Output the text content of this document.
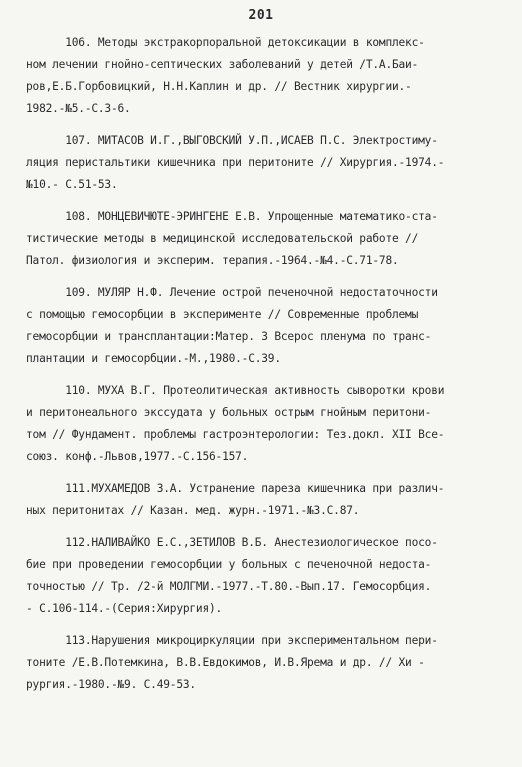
201
106. Методы экстракорпоральной детоксикации в комплекс-
ном лечении гнойно-септических заболеваний у детей /Т.А.Баи-
ров,Е.Б.Горбовицкий, Н.Н.Каплин и др. // Вестник хирургии.-
1982.-№5.-С.3-6.
107. МИТАСОВ И.Г.,ВЫГОВСКИЙ У.П.,ИСАЕВ П.С. Электростиму-
ляция перистальтики кишечника при перитоните // Хирургия.-1974.-
№10.- С.51-53.
108. МОНЦЕВИЧЮТЕ-ЭРИНГЕНЕ Е.В. Упрощенные математико-ста-
тистические методы в медицинской исследовательской работе //
Патол. физиология и эксперим. терапия.-1964.-№4.-С.71-78.
109. МУЛЯР Н.Ф. Лечение острой печеночной недостаточности
с помощью гемосорбции в эксперименте // Современные проблемы
гемосорбции и трансплантации:Матер. 3 Всерос пленума по транс-
плантации и гемосорбции.-М.,1980.-С.39.
110. МУХА В.Г. Протеолитическая активность сыворотки крови
и перитонеального экссудата у больных острым гнойным перитони-
том // Фундамент. проблемы гастроэнтерологии: Тез.докл. XII Все-
союз. конф.-Львов,1977.-С.156-157.
111.МУХАМЕДОВ З.А. Устранение пареза кишечника при различ-
ных перитонитах // Казан. мед. журн.-1971.-№3.С.87.
112.НАЛИВАЙКО Е.С.,ЗЕТИЛОВ В.Б. Анестезиологическое посо-
бие при проведении гемосорбции у больных с печеночной недоста-
точностью // Тр. /2-й МОЛГМИ.-1977.-Т.80.-Вып.17. Гемосорбция.
- С.106-114.-(Серия:Хирургия).
113.Нарушения микроциркуляции при экспериментальном пери-
тоните /Е.В.Потемкина, В.В.Евдокимов, И.В.Ярема и др. // Хи -
рургия.-1980.-№9. С.49-53.
